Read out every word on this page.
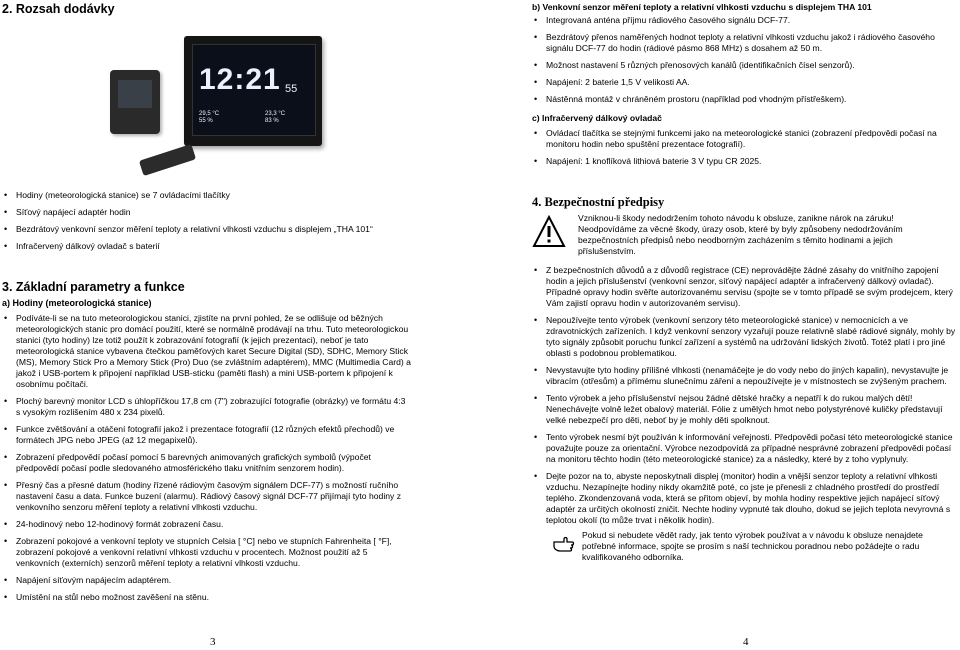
2. Rozsah dodávky
12:21 55
29,5 °C
55 %
23,3 °C
83 %
• Hodiny (meteorologická stanice) se 7 ovládacími tlačítky
• Síťový napájecí adaptér hodin
• Bezdrátový venkovní senzor měření teploty a relativní vlhkosti vzduchu s displejem „THA 101“
• Infračervený dálkový ovladač s baterií
3. Základní parametry a funkce
a) Hodiny (meteorologická stanice)
• Podíváte-li se na tuto meteorologickou stanici, zjistíte na první pohled, že se odlišuje od běžných meteorologických stanic pro domácí použití, které se normálně prodávají na trhu. Tuto meteorologickou stanici (tyto hodiny) lze totiž použít k zobrazování fotografií (k jejich prezentaci), neboť je tato meteorologická stanice vybavena čtečkou paměťových karet Secure Digital (SD), SDHC, Memory Stick (MS), Memory Stick Pro a Memory Stick (Pro) Duo (se zvláštním adaptérem), MMC (Multimedia Card) a jakož i USB-portem k připojení například USB-sticku (paměti flash) a mini USB-portem k připojení k osobnímu počítači.
• Plochý barevný monitor LCD s úhlopříčkou 17,8 cm (7") zobrazující fotografie (obrázky) ve formátu 4:3 s vysokým rozlišením 480 x 234 pixelů.
• Funkce zvětšování a otáčení fotografií jakož i prezentace fotografií (12 různých efektů přechodů) ve formátech JPG nebo JPEG (až 12 megapixelů).
• Zobrazení předpovědí počasí pomocí 5 barevných animovaných grafických symbolů (výpočet předpovědí počasí podle sledovaného atmosférického tlaku vnitřním senzorem hodin).
• Přesný čas a přesné datum (hodiny řízené rádiovým časovým signálem DCF-77) s možností ručního nastavení času a data. Funkce buzení (alarmu). Rádiový časový signál DCF-77 přijímají tyto hodiny z venkovního senzoru měření teploty a relativní vlhkosti vzduchu.
• 24-hodinový nebo 12-hodinový formát zobrazení času.
• Zobrazení pokojové a venkovní teploty ve stupních Celsia [ °C] nebo ve stupních Fahrenheita [ °F], zobrazení pokojové a venkovní relativní vlhkosti vzduchu v procentech. Možnost použití až 5 venkovních (externích) senzorů měření teploty a relativní vlhkosti vzduchu.
• Napájení síťovým napájecím adaptérem.
• Umístění na stůl nebo možnost zavěšení na stěnu.
3
b) Venkovní senzor měření teploty a relativní vlhkosti vzduchu s displejem THA 101
• Integrovaná anténa příjmu rádiového časového signálu DCF-77.
• Bezdrátový přenos naměřených hodnot teploty a relativní vlhkosti vzduchu jakož i rádiového časového signálu DCF-77 do hodin (rádiové pásmo 868 MHz) s dosahem až 50 m.
• Možnost nastavení 5 různých přenosových kanálů (identifikačních čísel senzorů).
• Napájení: 2 baterie 1,5 V velikosti AA.
• Nástěnná montáž v chráněném prostoru (například pod vhodným přístřeškem).
c) Infračervený dálkový ovladač
• Ovládací tlačítka se stejnými funkcemi jako na meteorologické stanici (zobrazení předpovědi počasí na monitoru hodin nebo spuštění prezentace fotografií).
• Napájení: 1 knoflíková lithiová baterie 3 V typu CR 2025.
4. Bezpečnostní předpisy
Vzniknou-li škody nedodržením tohoto návodu k obsluze, zanikne nárok na záruku! Neodpovídáme za věcné škody, úrazy osob, které by byly způsobeny nedodržováním bezpečnostních předpisů nebo neodborným zacházením s těmito hodinami a jejich příslušenstvím.
• Z bezpečnostních důvodů a z důvodů registrace (CE) neprovádějte žádné zásahy do vnitřního zapojení hodin a jejich příslušenství (venkovní senzor, síťový napájecí adaptér a infračervený dálkový ovladač). Případné opravy hodin svěřte autorizovanému servisu (spojte se v tomto případě se svým prodejcem, který Vám zajistí opravu hodin v autorizovaném servisu).
• Nepoužívejte tento výrobek (venkovní senzory této meteorologické stanice) v nemocnicích a ve zdravotnických zařízeních. I když venkovní senzory vyzařují pouze relativně slabé rádiové signály, mohly by tyto signály způsobit poruchu funkcí zařízení a systémů na udržování lidských životů. Totéž platí i pro jiné oblasti s podobnou problematikou.
• Nevystavujte tyto hodiny přílišné vlhkosti (nenamáčejte je do vody nebo do jiných kapalin), nevystavujte je vibracím (otřesům) a přímému slunečnímu záření a nepoužívejte je v místnostech se zvýšeným prachem.
• Tento výrobek a jeho příslušenství nejsou žádné dětské hračky a nepatří k do rukou malých dětí! Nenechávejte volně ležet obalový materiál. Fólie z umělých hmot nebo polystyrénové kuličky představují velké nebezpečí pro děti, neboť by je mohly děti spolknout.
• Tento výrobek nesmí být používán k informování veřejnosti. Předpovědi počasí této meteorologické stanice považujte pouze za orientační. Výrobce nezodpovídá za případné nesprávné zobrazení předpovědi počasí na monitoru těchto hodin (této meteorologické stanice) za a následky, které by z toho vyplynuly.
• Dejte pozor na to, abyste neposkytnali displej (monitor) hodin a vnější senzor teploty a relativní vlhkosti vzduchu. Nezapínejte hodiny nikdy okamžitě poté, co jste je přenesli z chladného prostředí do prostředí teplého. Zkondenzovaná voda, která se přitom objeví, by mohla hodiny respektive jejich napájecí síťový adaptér za určitých okolností zničit. Nechte hodiny vypnuté tak dlouho, dokud se jejich teplota nevyrovná s teplotou okolí (to může trvat i několik hodin).
Pokud si nebudete vědět rady, jak tento výrobek používat a v návodu k obsluze nenajdete potřebné informace, spojte se prosím s naší technickou poradnou nebo požádejte o radu kvalifikovaného odborníka.
4
